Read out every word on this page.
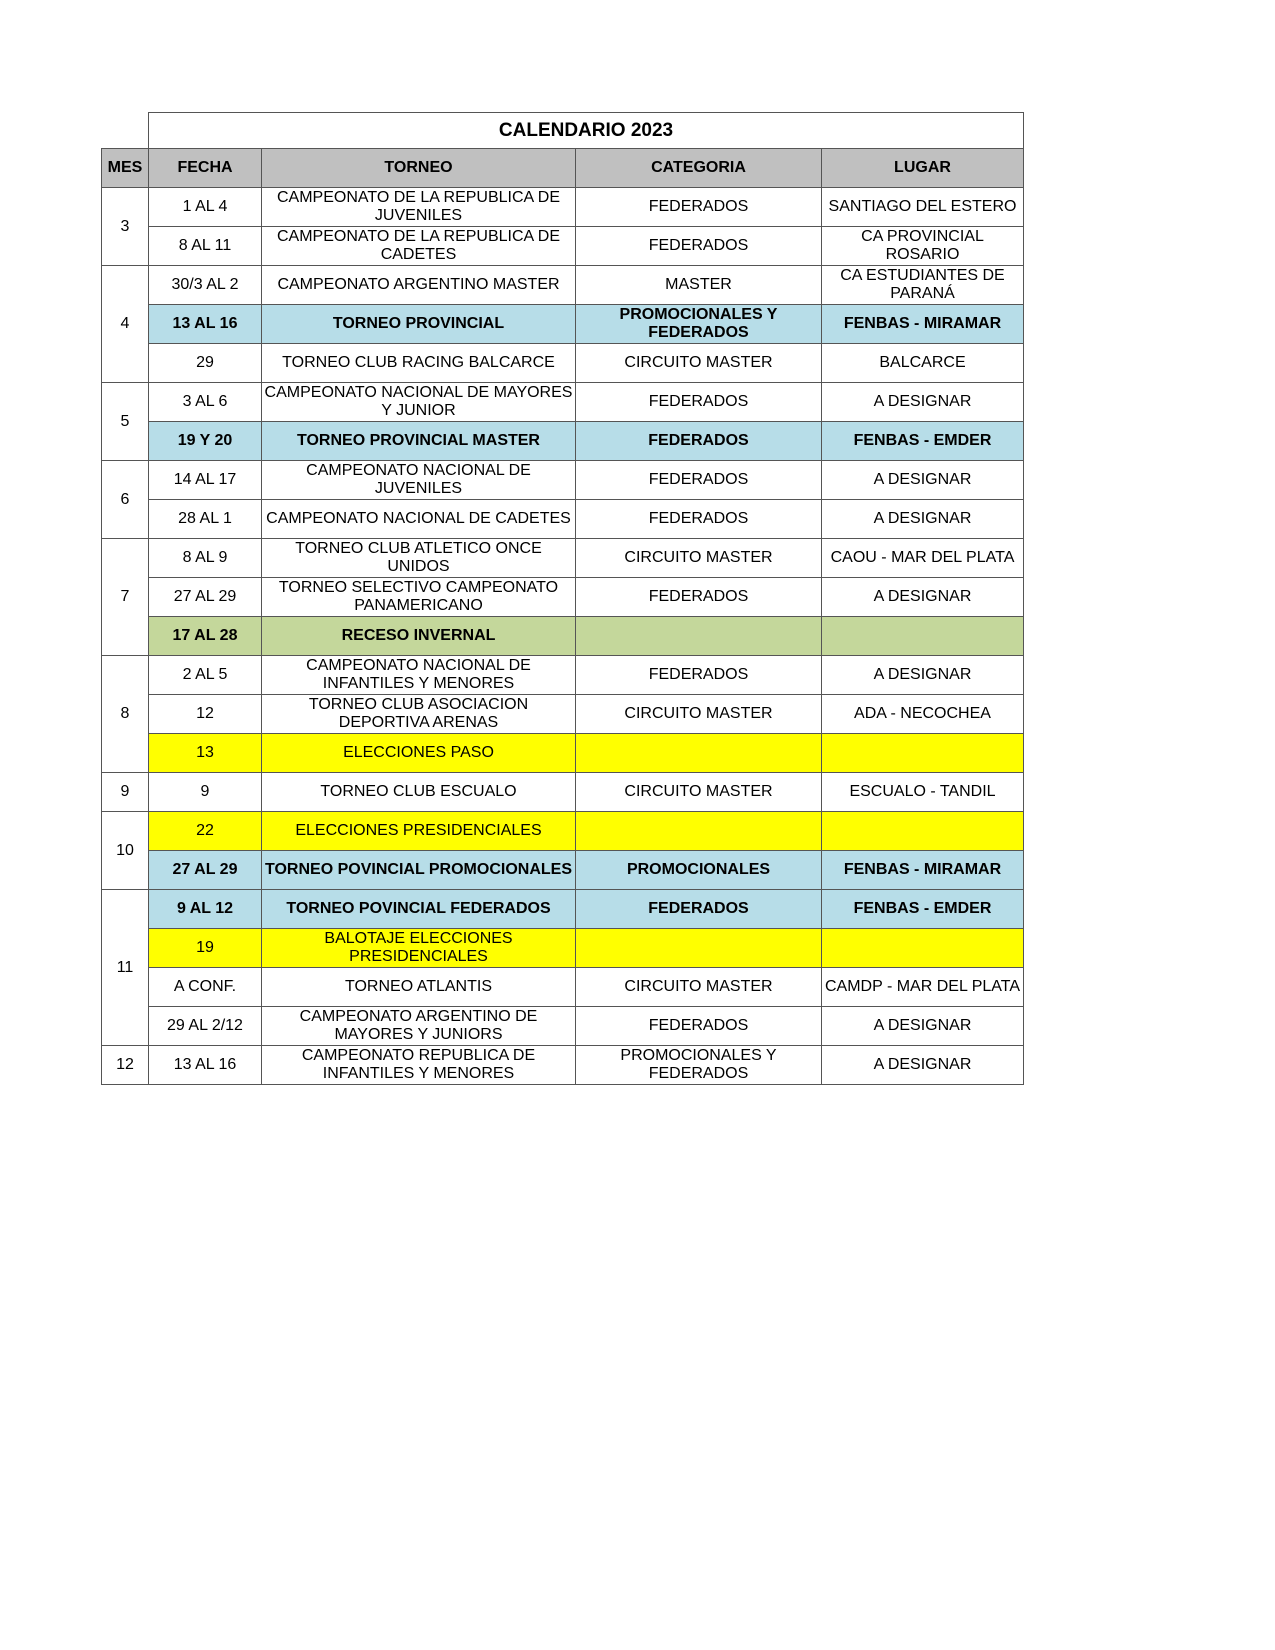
	CALENDARIO 2023			
MES	FECHA	TORNEO	CATEGORIA	LUGAR
3	1 AL 4	CAMPEONATO DE LA REPUBLICA DE JUVENILES	FEDERADOS	SANTIAGO DEL ESTERO
	8 AL 11	CAMPEONATO DE LA REPUBLICA DE CADETES	FEDERADOS	CA PROVINCIAL ROSARIO
4	30/3 AL 2	CAMPEONATO ARGENTINO MASTER	MASTER	CA ESTUDIANTES DE PARANÁ
	13 AL 16	TORNEO PROVINCIAL	PROMOCIONALES Y FEDERADOS	FENBAS - MIRAMAR
	29	TORNEO CLUB RACING BALCARCE	CIRCUITO MASTER	BALCARCE
5	3 AL 6	CAMPEONATO NACIONAL DE MAYORES Y JUNIOR	FEDERADOS	A DESIGNAR
	19 Y 20	TORNEO PROVINCIAL MASTER	FEDERADOS	FENBAS - EMDER
6	14 AL 17	CAMPEONATO NACIONAL DE JUVENILES	FEDERADOS	A DESIGNAR
	28 AL 1	CAMPEONATO NACIONAL DE CADETES	FEDERADOS	A DESIGNAR
7	8 AL 9	TORNEO CLUB ATLETICO ONCE UNIDOS	CIRCUITO MASTER	CAOU - MAR DEL PLATA
	27 AL 29	TORNEO SELECTIVO CAMPEONATO PANAMERICANO	FEDERADOS	A DESIGNAR
	17 AL 28	RECESO INVERNAL		
8	2 AL 5	CAMPEONATO NACIONAL DE INFANTILES Y MENORES	FEDERADOS	A DESIGNAR
	12	TORNEO CLUB ASOCIACION DEPORTIVA ARENAS	CIRCUITO MASTER	ADA - NECOCHEA
	13	ELECCIONES PASO		
9	9	TORNEO CLUB ESCUALO	CIRCUITO MASTER	ESCUALO - TANDIL
10	22	ELECCIONES PRESIDENCIALES		
	27 AL 29	TORNEO POVINCIAL PROMOCIONALES	PROMOCIONALES	FENBAS - MIRAMAR
11	9 AL 12	TORNEO POVINCIAL FEDERADOS	FEDERADOS	FENBAS - EMDER
	19	BALOTAJE ELECCIONES PRESIDENCIALES		
	A CONF.	TORNEO ATLANTIS	CIRCUITO MASTER	CAMDP - MAR DEL PLATA
	29 AL 2/12	CAMPEONATO ARGENTINO DE MAYORES Y JUNIORS	FEDERADOS	A DESIGNAR
12	13 AL 16	CAMPEONATO REPUBLICA DE INFANTILES Y MENORES	PROMOCIONALES Y FEDERADOS	A DESIGNAR
